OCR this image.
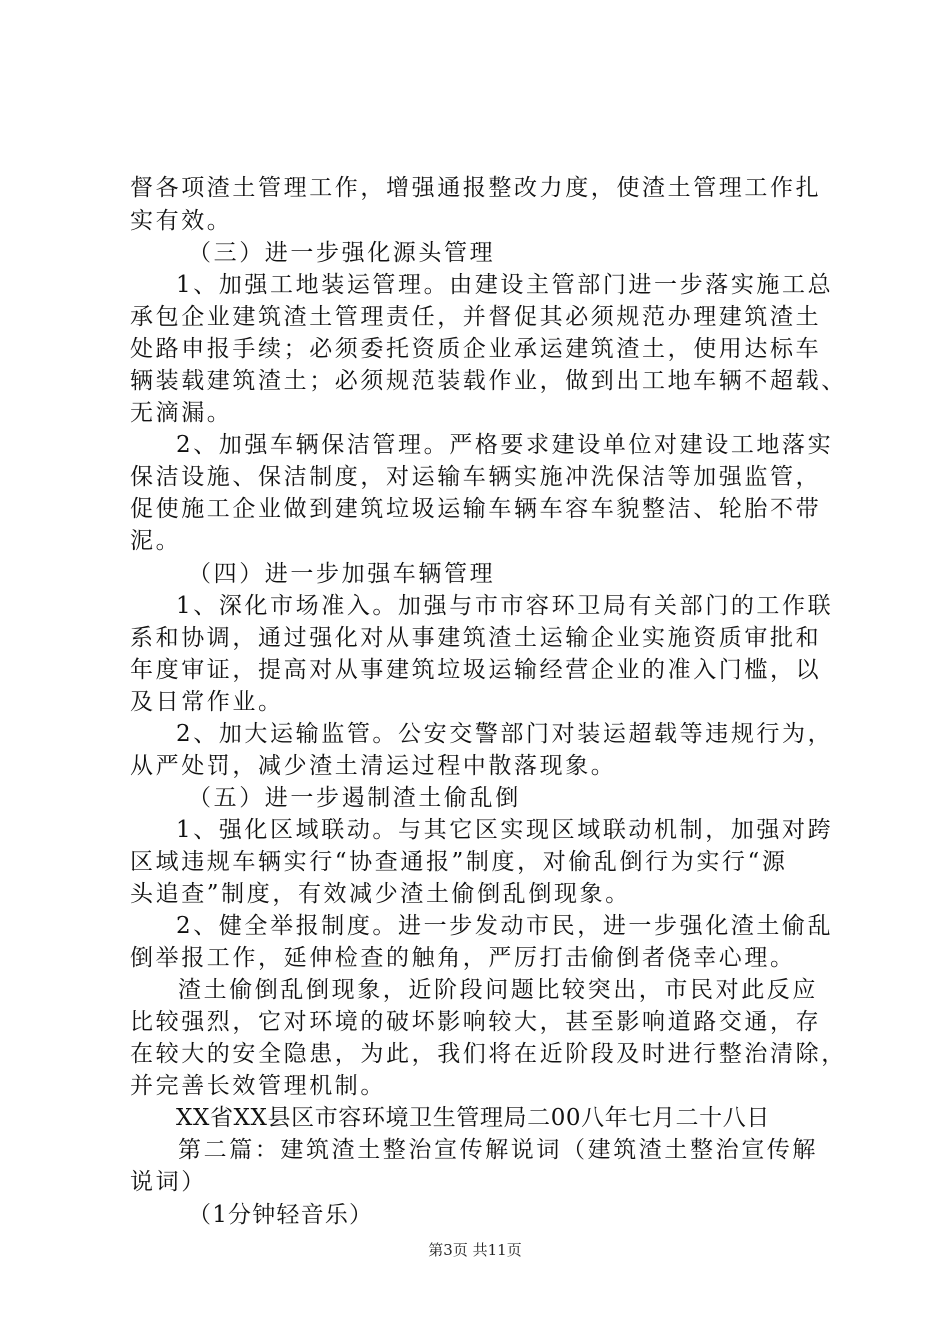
督各项渣土管理工作，增强通报整改力度，使渣土管理工作扎
实有效。
（三）进一步强化源头管理
1、加强工地装运管理。由建设主管部门进一步落实施工总
承包企业建筑渣土管理责任，并督促其必须规范办理建筑渣土
处路申报手续；必须委托资质企业承运建筑渣土，使用达标车
辆装载建筑渣土；必须规范装载作业，做到出工地车辆不超载、
无滴漏。
2、加强车辆保洁管理。严格要求建设单位对建设工地落实
保洁设施、保洁制度，对运输车辆实施冲洗保洁等加强监管，
促使施工企业做到建筑垃圾运输车辆车容车貌整洁、轮胎不带
泥。
（四）进一步加强车辆管理
1、深化市场准入。加强与市市容环卫局有关部门的工作联
系和协调，通过强化对从事建筑渣土运输企业实施资质审批和
年度审证，提高对从事建筑垃圾运输经营企业的准入门槛，以
及日常作业。
2、加大运输监管。公安交警部门对装运超载等违规行为，
从严处罚，减少渣土清运过程中散落现象。
（五）进一步遏制渣土偷乱倒
1、强化区域联动。与其它区实现区域联动机制，加强对跨
区域违规车辆实行“协查通报”制度，对偷乱倒行为实行“源
头追查”制度，有效减少渣土偷倒乱倒现象。
2、健全举报制度。进一步发动市民，进一步强化渣土偷乱
倒举报工作，延伸检查的触角，严厉打击偷倒者侥幸心理。
渣土偷倒乱倒现象，近阶段问题比较突出，市民对此反应
比较强烈，它对环境的破坏影响较大，甚至影响道路交通，存
在较大的安全隐患，为此，我们将在近阶段及时进行整治清除，
并完善长效管理机制。
XX省XX县区市容环境卫生管理局二00八年七月二十八日
第二篇：建筑渣土整治宣传解说词（建筑渣土整治宣传解
说词）
（1分钟轻音乐）
第3页 共11页
